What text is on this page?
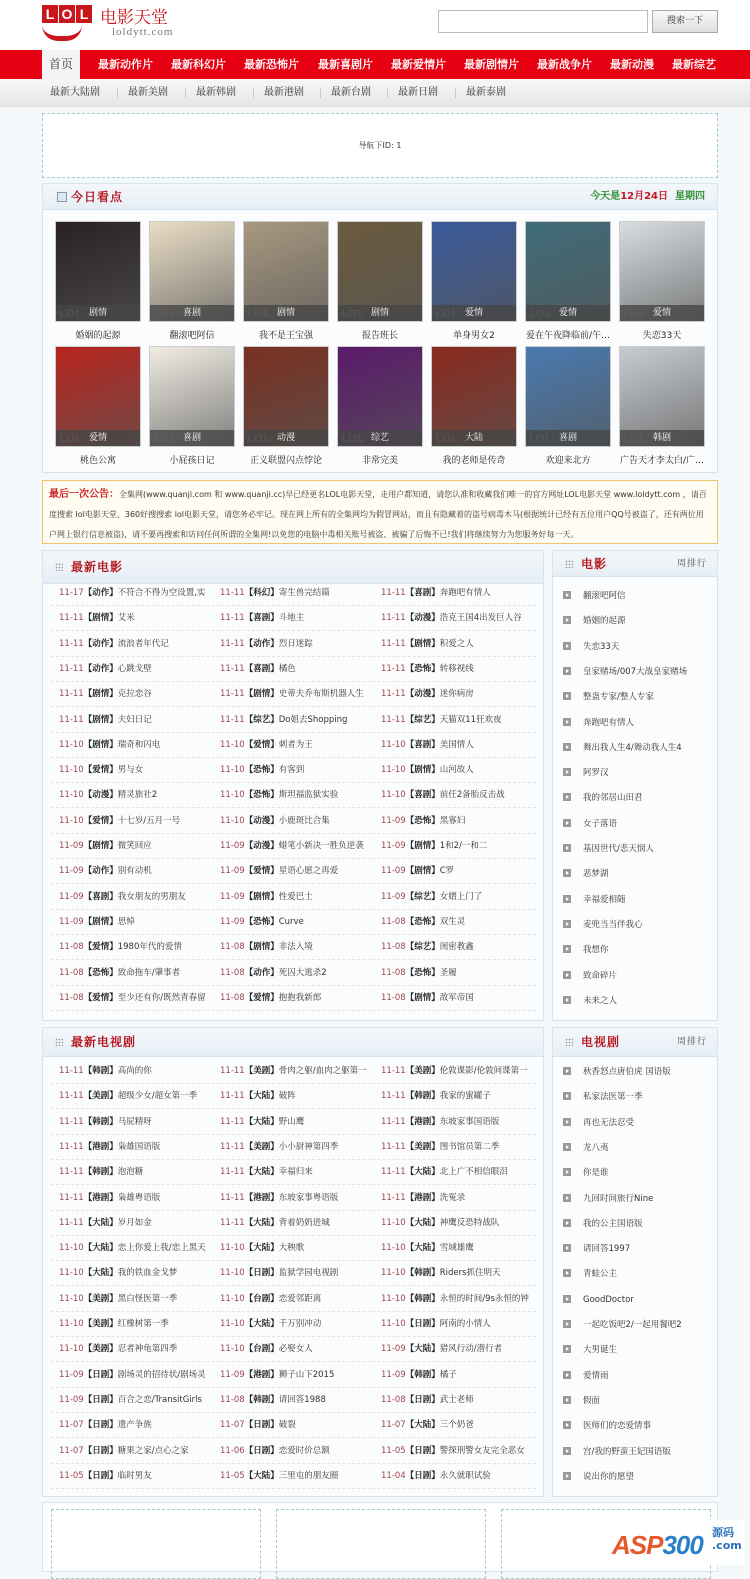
L O L 电影天堂
loldytt.com
搜索一下
首页	最新动作片 最新科幻片 最新恐怖片 最新喜剧片 最新爱情片 最新剧情片 最新战争片 最新动漫 最新综艺
最新大陆剧	最新美剧	最新韩剧	最新港剧	最新台剧	最新日剧	最新泰剧
导航下ID: 1
今日看点	今天是12月24日 星期四
剧情
婚姻的起源
喜剧
翻滚吧阿信
剧情
我不是王宝强
剧情
报告班长
爱情
单身男女2
爱情
爱在午夜降临前/午…
爱情
失恋33天
爱情
桃色公寓
喜剧
小屁孩日记
动漫
正义联盟闪点悖论
综艺
非常完美
大陆
我的老师是传奇
喜剧
欢迎来北方
韩剧
广告天才李太白/广…
最后一次公告：全集网(www.quanji.com 和 www.quanji.cc)早已经更名LOL电影天堂，走用户都知道，请您认准和收藏我们唯一的官方网址LOL电影天堂 www.loldytt.com ，请百度搜索 lol电影天堂、360好搜搜索 lol电影天堂，请您务必牢记。现在网上所有的全集网均为假冒网站，而且有隐藏着的盗号病毒木马(根据统计已经有五位用户QQ号被盗了，还有两位用户网上银行信息被盗)，请不要再搜索和访问任何所谓的全集网!以免您的电脑中毒相关账号被盗、被骗了后悔不已!我们将继续努力为您服务好每一天。
最新电影
11-17【动作】不符合不得为空设置,实	11-11【科幻】寄生兽完结篇	11-11【喜剧】奔跑吧有情人
11-11【剧情】艾米	11-11【喜剧】斗地主	11-11【动漫】浩克王国4出发巨人谷
11-11【动作】流浪者年代记	11-11【动作】烈日迷踪	11-11【剧情】积爱之人
11-11【动作】心跳戈壁	11-11【喜剧】橘色	11-11【恐怖】转移视线
11-11【剧情】克拉恋谷	11-11【剧情】史蒂夫乔布斯机器人生	11-11【动漫】迷你病房
11-11【剧情】夫妇日记	11-11【综艺】Do姐去Shopping	11-11【综艺】天猫双11狂欢夜
11-10【剧情】瑞奇和闪电	11-10【爱情】刺者为王	11-10【喜剧】美国情人
11-10【爱情】男与女	11-10【恐怖】有客到	11-10【剧情】山河故人
11-10【动漫】精灵旅社2	11-10【恐怖】斯坦福监狱实验	11-10【喜剧】前任2备胎反击战
11-10【爱情】十七岁/五月一号	11-10【动漫】小鹿斑比合集	11-09【恐怖】黑寡妇
11-09【剧情】微笑回应	11-09【动漫】蜡笔小新决一胜负逆袭	11-09【剧情】1和2/一和二
11-09【动作】别有动机	11-09【爱情】星语心愿之再爱	11-09【剧情】C罗
11-09【喜剧】我女朋友的男朋友	11-09【剧情】性爱巴士	11-09【综艺】女婿上门了
11-09【剧情】思悼	11-09【恐怖】Curve	11-08【恐怖】双生灵
11-08【爱情】1980年代的爱情	11-08【剧情】非法入境	11-08【综艺】闺密教鑫
11-08【恐怖】致命拖车/肇事者	11-08【动作】死囚大逃杀2	11-08【恐怖】圣履
11-08【爱情】至少还有你/既然青春留	11-08【爱情】抱抱我新郎	11-08【剧情】敌军帝国
电影	周排行
翻滚吧阿信
婚姻的起源
失恋33天
皇家赌场/007大战皇家赌场
整蛊专家/整人专家
奔跑吧有情人
舞出我人生4/舞动我人生4
阿罗汉
我的邻居山田君
女子落语
基因世代/悲天悯人
恶梦湖
幸福爱相随
麦兜当当伴我心
我想你
致命碎片
未来之人
最新电视剧
11-11【韩剧】高尚的你	11-11【美剧】骨肉之躯/血肉之躯第一	11-11【美剧】伦敦谍影/伦敦间谍第一
11-11【美剧】超级少女/超女第一季	11-11【大陆】破阵	11-11【韩剧】我家的蜜罐子
11-11【韩剧】马屁精呀	11-11【大陆】野山鹰	11-11【港剧】东坡家事国语版
11-11【港剧】枭雄国语版	11-11【美剧】小小厨神第四季	11-11【美剧】图书馆员第二季
11-11【韩剧】泡泡糖	11-11【大陆】幸福归来	11-11【大陆】北上广不相信眼泪
11-11【港剧】枭雄粤语版	11-11【港剧】东坡家事粤语版	11-11【港剧】洗冤录
11-11【大陆】岁月如金	11-11【大陆】背着奶奶进城	11-10【大陆】神鹰反恐特战队
11-10【大陆】恋上你爱上我/恋上黑天	11-10【大陆】大秧歌	11-10【大陆】雪域雄鹰
11-10【大陆】我的铁血金戈梦	11-10【日剧】监狱学园电视剧	11-10【韩剧】Riders抓住明天
11-10【美剧】黑白怪医第一季	11-10【台剧】恋爱邻距离	11-10【韩剧】永恒的时间/9s永恒的钟
11-10【美剧】红橡树第一季	11-10【大陆】千万别冲动	11-10【日剧】阿南的小情人
11-10【美剧】忍者神龟第四季	11-10【台剧】必娶女人	11-09【大陆】猎风行动/潜行者
11-09【日剧】剧场灵的招待状/剧场灵	11-09【港剧】狮子山下2015	11-09【韩剧】橘子
11-09【日剧】百合之恋/TransitGirls	11-08【韩剧】请回答1988	11-08【日剧】武士老师
11-07【日剧】遗产争族	11-07【日剧】破裂	11-07【大陆】三个奶爸
11-07【日剧】糖果之家/点心之家	11-06【日剧】恋爱时价总额	11-05【日剧】警探刑警女友完全恶女
11-05【日剧】临时男友	11-05【大陆】三里屯的朋友圈	11-04【日剧】永久就职试验
电视剧	周排行
秋香怒点唐伯虎 国语版
私家法医第一季
再也无法忍受
龙八夷
你是谁
九回时间旅行Nine
我的公主国语版
请回答1997
青蛙公主
GoodDoctor
一起吃饭吧2/一起用餐吧2
大男诞生
爱情雨
假面
医师们的恋爱情事
宫/我的野蛮王妃国语版
说出你的愿望
ASP300 源码
.com
